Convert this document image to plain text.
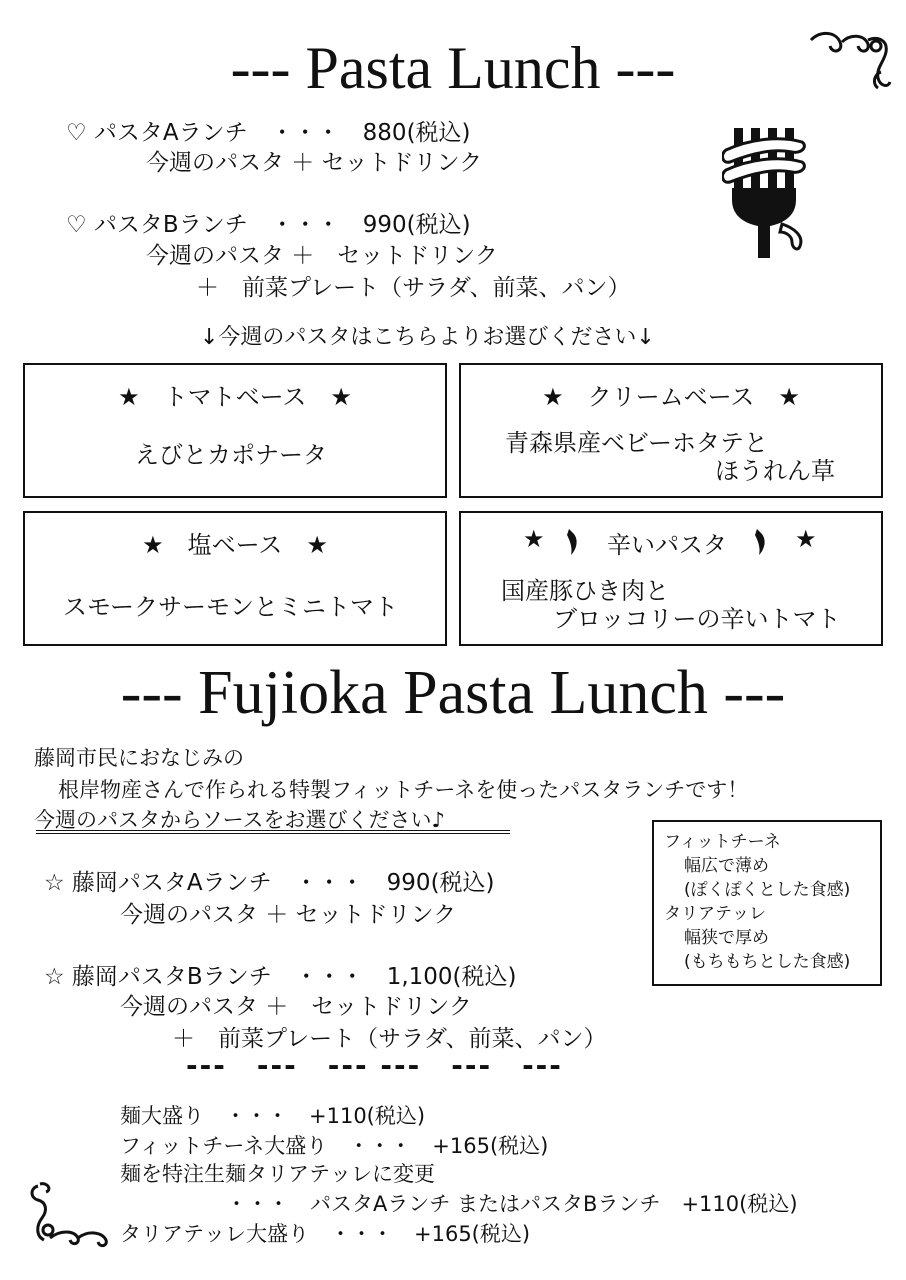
--- Pasta Lunch ---
♡ パスタAランチ　・・・　880(税込)
今週のパスタ ＋ セットドリンク
♡ パスタBランチ　・・・　990(税込)
今週のパスタ ＋　セットドリンク
＋　前菜プレート（サラダ、前菜、パン）
↓今週のパスタはこちらよりお選びください↓
★　トマトベース　★
えびとカポナータ
★　クリームベース　★
青森県産ベビーホタテと
ほうれん草
★　塩ベース　★
スモークサーモンとミニトマト
★	辛いパスタ	★
国産豚ひき肉と
ブロッコリーの辛いトマト
--- Fujioka Pasta Lunch ---
藤岡市民におなじみの
根岸物産さんで作られる特製フィットチーネを使ったパスタランチです！
今週のパスタからソースをお選びください♪
フィットチーネ
幅広で薄め
(ぽくぽくとした食感)
タリアテッレ
幅狭で厚め
(もちもちとした食感)
☆ 藤岡パスタAランチ　・・・　990(税込)
今週のパスタ ＋ セットドリンク
☆ 藤岡パスタBランチ　・・・　1,100(税込)
今週のパスタ ＋　セットドリンク
＋　前菜プレート（サラダ、前菜、パン）
---　---　--- ---　---　---
麺大盛り　・・・　+110(税込)
フィットチーネ大盛り　・・・　+165(税込)
麺を特注生麺タリアテッレに変更
・・・　パスタAランチ またはパスタBランチ　+110(税込)
タリアテッレ大盛り　・・・　+165(税込)
